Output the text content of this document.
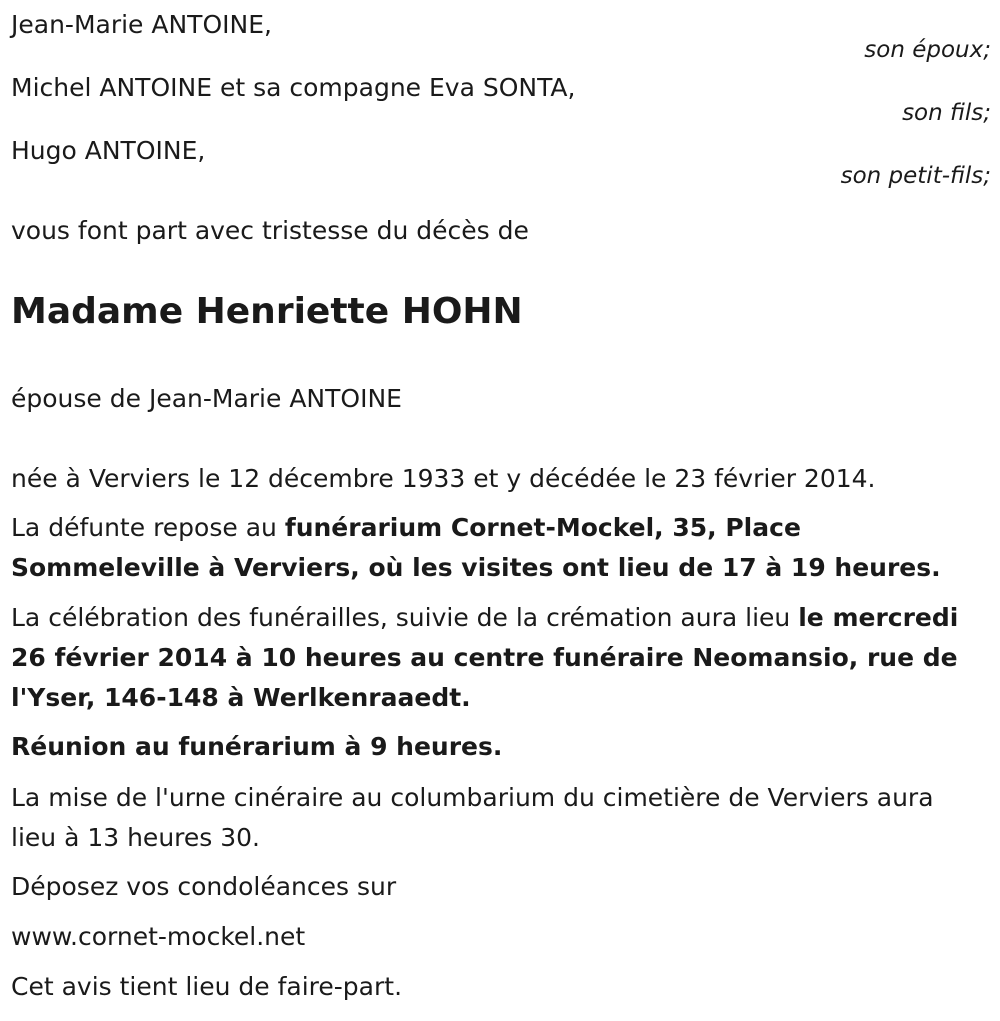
Jean-Marie ANTOINE,
son époux;
Michel ANTOINE et sa compagne Eva SONTA,
son fils;
Hugo ANTOINE,
son petit-fils;
vous font part avec tristesse du décès de
Madame Henriette HOHN
épouse de Jean-Marie ANTOINE
née à Verviers le 12 décembre 1933 et y décédée le 23 février 2014.
La défunte repose au funérarium Cornet-Mockel, 35, Place Sommeleville à Verviers, où les visites ont lieu de 17 à 19 heures.
La célébration des funérailles, suivie de la crémation aura lieu le mercredi 26 février 2014 à 10 heures au centre funéraire Neomansio, rue de l'Yser, 146-148 à Werlkenraaedt.
Réunion au funérarium à 9 heures.
La mise de l'urne cinéraire au columbarium du cimetière de Verviers aura lieu à 13 heures 30.
Déposez vos condoléances sur
www.cornet-mockel.net
Cet avis tient lieu de faire-part.
